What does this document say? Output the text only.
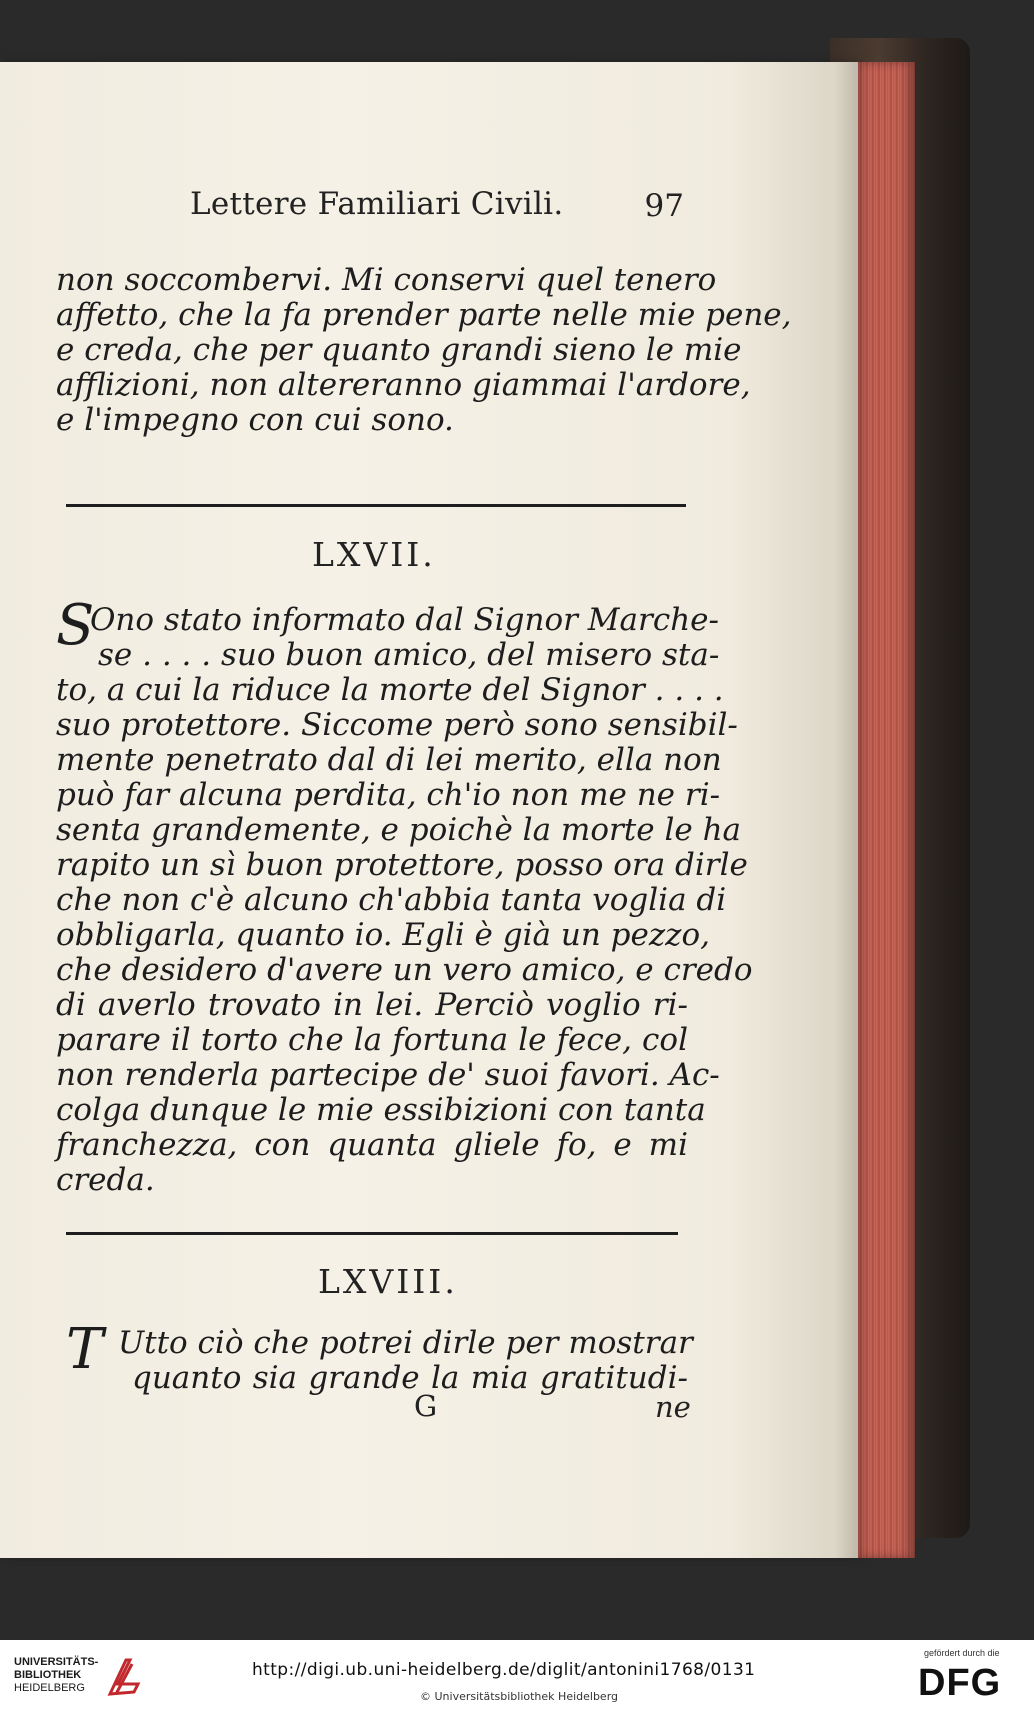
Lettere Familiari Civili.	97
non soccombervi. Mi conservi quel tenero
affetto, che la fa prender parte nelle mie pene,
e creda, che per quanto grandi sieno le mie
afflizioni, non altereranno giammai l'ardore,
e l'impegno con cui sono.
LXVII.
S
Ono stato informato dal Signor Marche-
se . . . . suo buon amico, del misero sta-
to, a cui la riduce la morte del Signor . . . .
suo protettore. Siccome però sono sensibil-
mente penetrato dal di lei merito, ella non
può far alcuna perdita, ch'io non me ne ri-
senta grandemente, e poichè la morte le ha
rapito un sì buon protettore, posso ora dirle
che non c'è alcuno ch'abbia tanta voglia di
obbligarla, quanto io. Egli è già un pezzo,
che desidero d'avere un vero amico, e credo
di averlo trovato in lei. Perciò voglio ri-
parare il torto che la fortuna le fece, col
non renderla partecipe de' suoi favori. Ac-
colga dunque le mie essibizioni con tanta
franchezza, con quanta gliele fo, e mi
creda.
LXVIII.
T Utto ciò che potrei dirle per mostrar
quanto sia grande la mia gratitudi-
G	ne
UNIVERSITÄTS-
BIBLIOTHEK
HEIDELBERG
http://digi.ub.uni-heidelberg.de/diglit/antonini1768/0131
© Universitätsbibliothek Heidelberg
gefördert durch die
DFG
